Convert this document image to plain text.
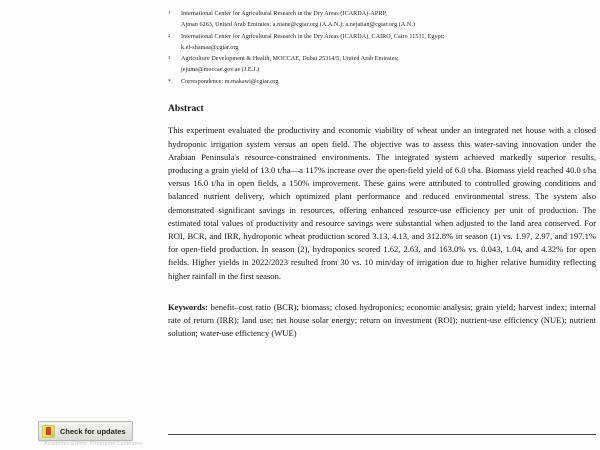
1	International Center for Agricultural Research in the Dry Areas (ICARDA)-APRP,
Ajman 6263, United Arab Emirates; a.niane@cgiar.org (A.A.N.); a.nejatian@cgiar.org (A.N.)
2	International Center for Agricultural Research in the Dry Areas (ICARDA), CAIRO, Cairo 11511, Egypt;
k.el-shamaa@cgiar.org
3	Agriculture Development & Health, MOCCAE, Dubai 25314/5, United Arab Emirates;
jejuma@moccae.gov.ae (J.E.J.)
*	Correspondence: m.makawi@cgiar.org
Abstract

This experiment evaluated the productivity and economic viability of wheat under an integrated net house with a closed hydroponic irrigation system versus an open field. The objective was to assess this water-saving innovation under the Arabian Peninsula's resource-constrained environments. The integrated system achieved markedly superior results, producing a grain yield of 13.0 t/ha—a 117% increase over the open-field yield of 6.0 t/ha. Biomass yield reached 40.0 t/ha versus 16.0 t/ha in open fields, a 150% improvement. These gains were attributed to controlled growing conditions and balanced nutrient delivery, which optimized plant performance and reduced environmental stress. The system also demonstrated significant savings in resources, offering enhanced resource-use efficiency per unit of production. The estimated total values of productivity and resource savings were substantial when adjusted to the land area conserved. For ROI, BCR, and IRR, hydroponic wheat production scored 3.13, 4.13, and 312.8% in season (1) vs. 1.97, 2.97, and 197.1% for open-field production. In season (2), hydroponics scored 1.62, 2.63, and 163.0% vs. 0.043, 1.04, and 4.32% for open fields. Higher yields in 2022/2023 resulted from 30 vs. 10 min/day of irrigation due to higher relative humidity reflecting higher rainfall in the first season.

Keywords: benefit–cost ratio (BCR); biomass; closed hydroponics; economic analysis; grain yield; harvest index; internal rate of return (IRR); land use; net house solar energy; return on investment (ROI); nutrient-use efficiency (NUE); nutrient solution; water-use efficiency (WUE)

Check for updates
Academic Editor: Firstname Lastname
